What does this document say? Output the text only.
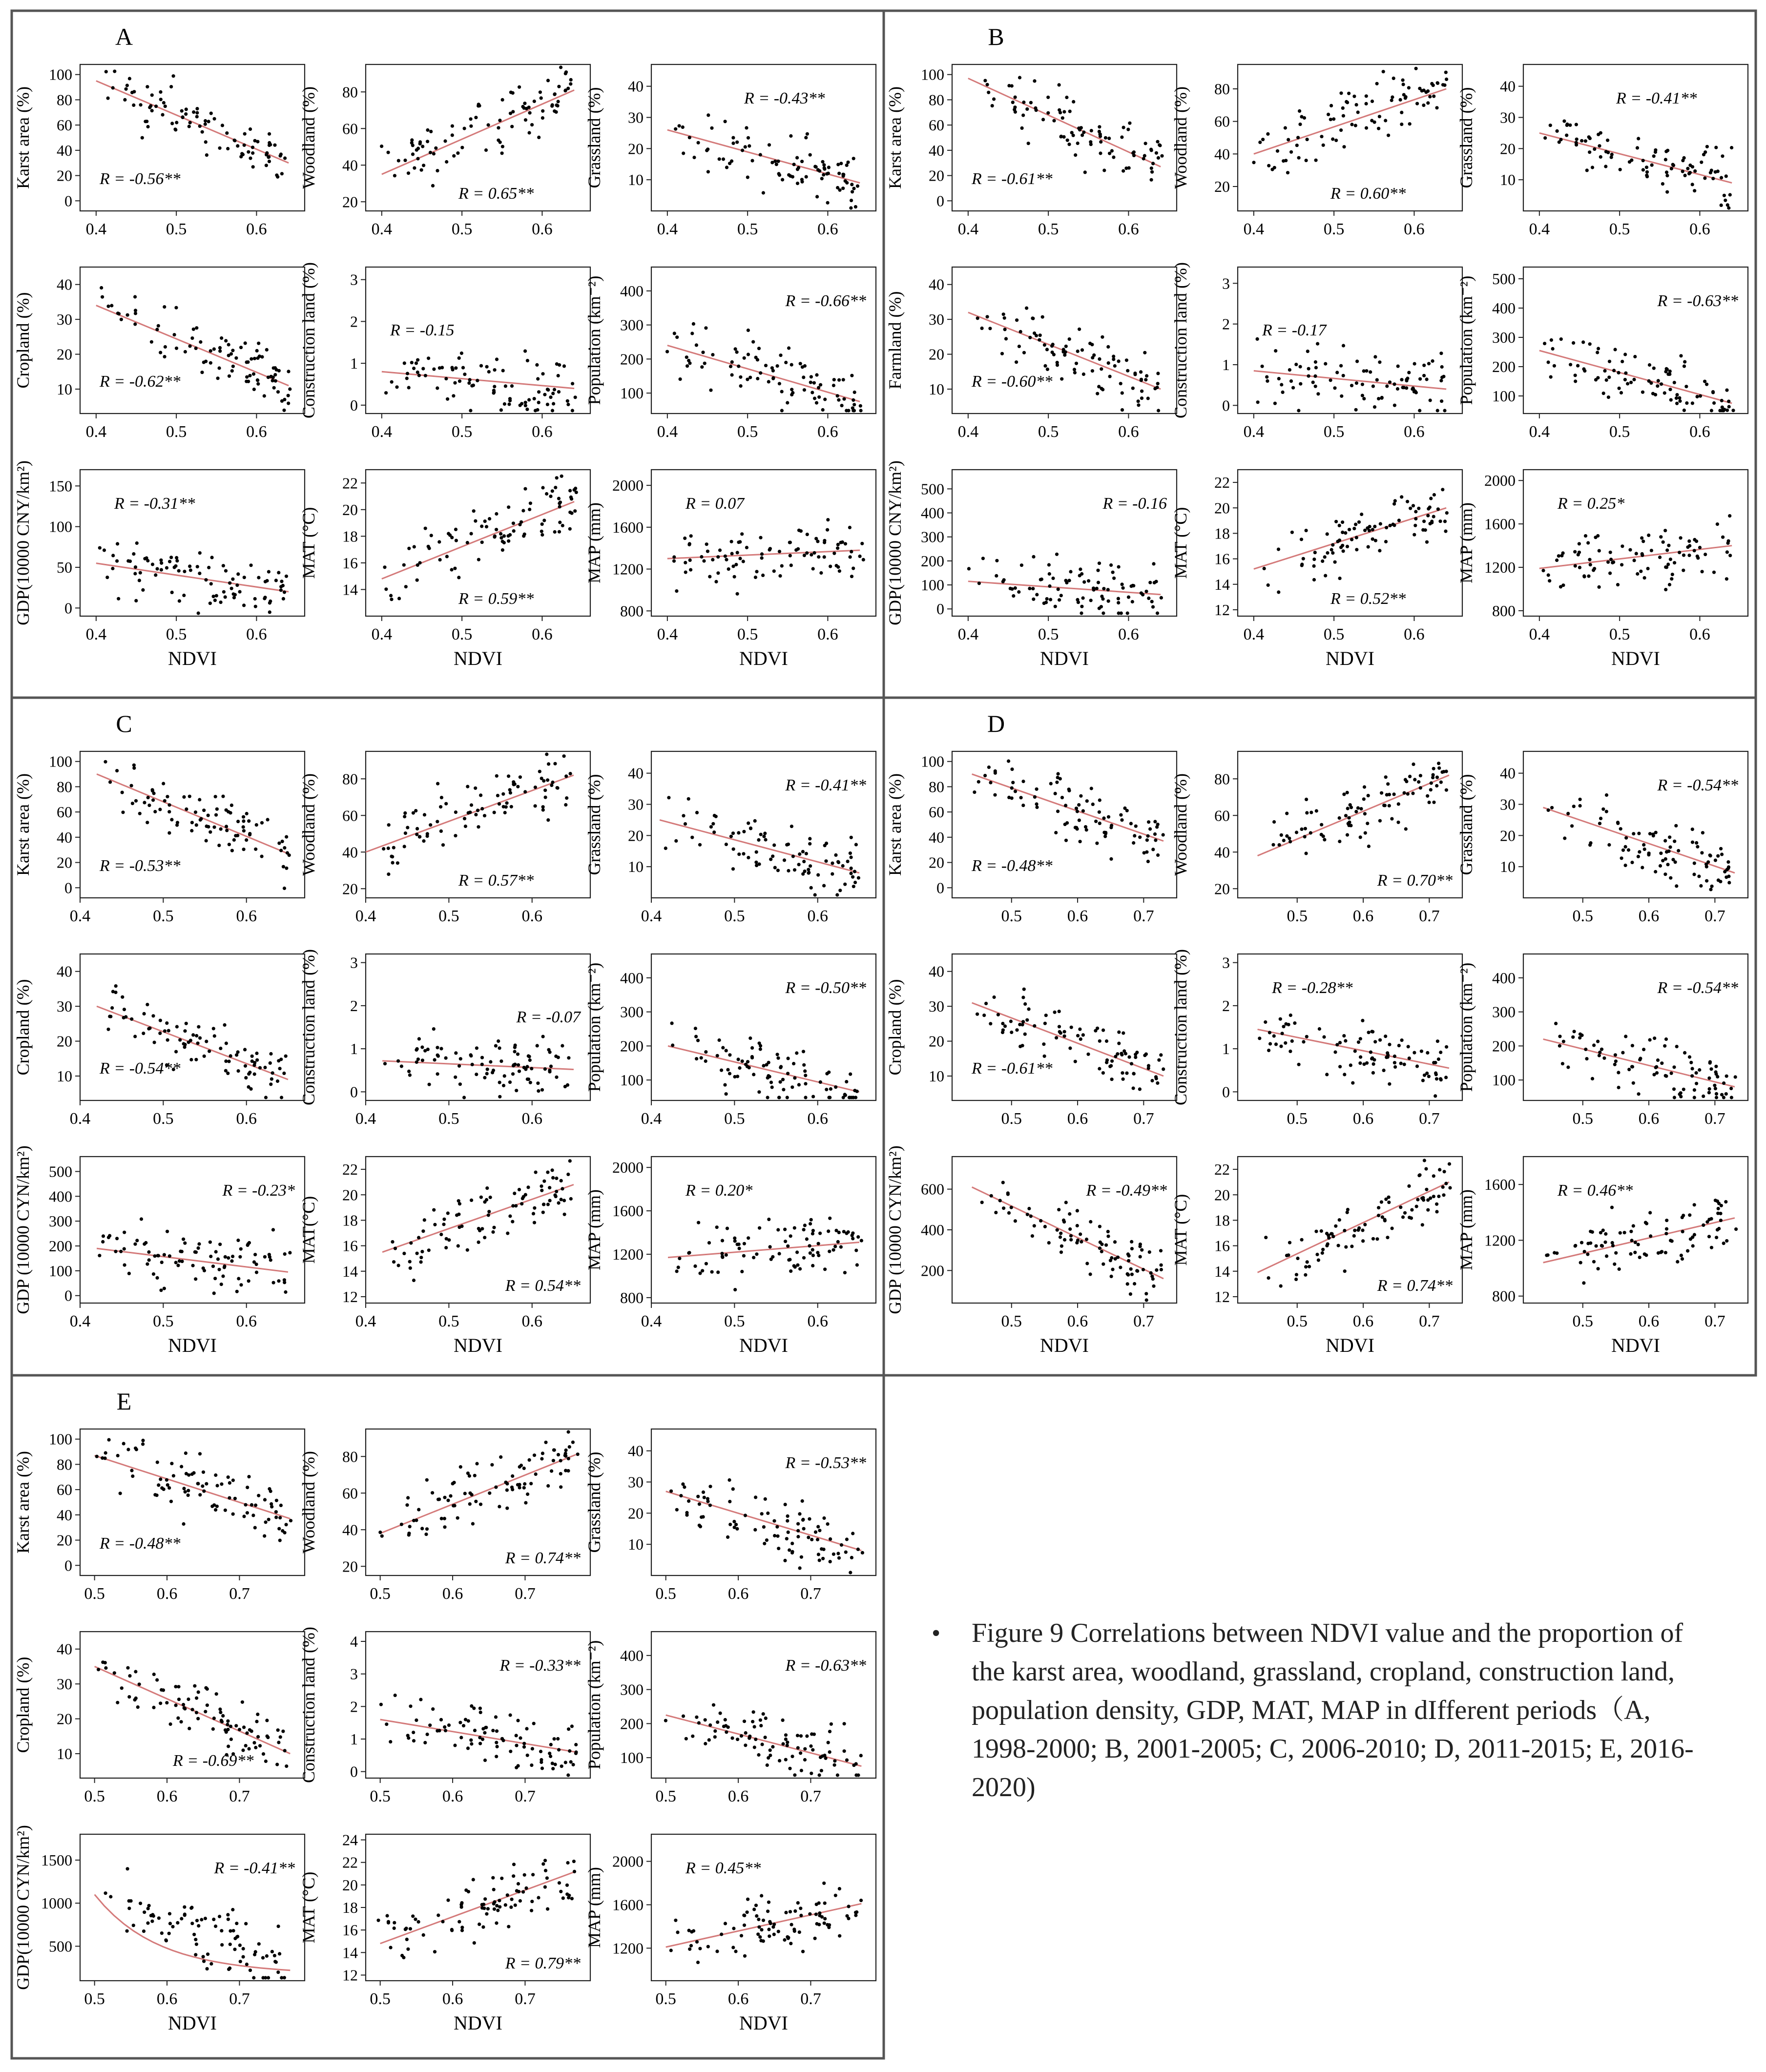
A
0.4	0.5	0.6
0
20
40
60
80
100
Karst area (%)	R = -0.56**
0.4	0.5	0.6
20
40
60
80
Woodland (%)
R = 0.65**
0.4	0.5	0.6
10
20
30
40
Grassland (%)	R = -0.43**
0.4	0.5	0.6
10
20
30
40
Cropland (%)	R = -0.62**
0.4	0.5	0.6
0
1
2
3
Construction land (%)	R = -0.15
0.4	0.5	0.6
100
200
300
400
Population (km⁻²)	R = -0.66**
0.4	0.5	0.6
0
50
100
150
GDP(10000 CNY/km²)
NDVI
R = -0.31**
0.4	0.5	0.6
14
16
18
20
22
MAT (°C)
NDVI
R = 0.59**
0.4	0.5	0.6
800
1200
1600
2000
MAP (mm)
NDVI
R = 0.07
B
0.4	0.5	0.6
0
20
40
60
80
100
Karst area (%)	R = -0.61**
0.4	0.5	0.6
20
40
60
80
Woodland (%)
R = 0.60**
0.4	0.5	0.6
10
20
30
40
Grassland (%)	R = -0.41**
0.4	0.5	0.6
10
20
30
40
Farmland (%)	R = -0.60**
0.4	0.5	0.6
0
1
2
3
Construction land (%)	R = -0.17
0.4	0.5	0.6
100
200
300
400
500
Population (km⁻²)	R = -0.63**
0.4	0.5	0.6
0
100
200
300
400
500
GDP(10000 CNY/km²)
NDVI
R = -0.16
0.4	0.5	0.6
12
14
16
18
20
22
MAT (°C)
NDVI
R = 0.52**
0.4	0.5	0.6
800
1200
1600
2000
MAP (mm)
NDVI
R = 0.25*
C
0.4	0.5	0.6
0
20
40
60
80
100
Karst area (%)	R = -0.53**
0.4	0.5	0.6
20
40
60
80
Woodland (%)
R = 0.57**
0.4	0.5	0.6
10
20
30
40
Grassland (%)	R = -0.41**
0.4	0.5	0.6
10
20
30
40
Cropland (%)	R = -0.54**
0.4	0.5	0.6
0
1
2
3
Construction land (%)	R = -0.07
0.4	0.5	0.6
100
200
300
400
Population (km⁻²)	R = -0.50**
0.4	0.5	0.6
0
100
200
300
400
500
GDP (10000 CYN/km²)
NDVI
R = -0.23*
0.4	0.5	0.6
12
14
16
18
20
22
MAT(°C)
NDVI
R = 0.54**
0.4	0.5	0.6
800
1200
1600
2000
MAP (mm)
NDVI
R = 0.20*
D
0.5	0.6	0.7
0
20
40
60
80
100
Karst area (%)	R = -0.48**
0.5	0.6	0.7
20
40
60
80
Woodland (%)
R = 0.70**
0.5	0.6	0.7
10
20
30
40
Grassland (%)	R = -0.54**
0.5	0.6	0.7
10
20
30
40
Cropland (%)	R = -0.61**
0.5	0.6	0.7
0
1
2
3
Construction land (%)	R = -0.28**
0.5	0.6	0.7
100
200
300
400
Population (km⁻²)	R = -0.54**
0.5	0.6	0.7
200
400
600
GDP (10000 CYN/km²)
NDVI
R = -0.49**
0.5	0.6	0.7
12
14
16
18
20
22
MAT (°C)
NDVI
R = 0.74**
0.5	0.6	0.7
800
1200
1600
MAP (mm)
NDVI
R = 0.46**
E
0.5	0.6	0.7
0
20
40
60
80
100
Karst area (%)	R = -0.48**
0.5	0.6	0.7
20
40
60
80
Woodland (%)
R = 0.74**
0.5	0.6	0.7
10
20
30
40
Grassland (%)	R = -0.53**
0.5	0.6	0.7
10
20
30
40
Cropland (%)
R = -0.69**
0.5	0.6	0.7
0
1
2
3
4
Construction land (%)	R = -0.33**
0.5	0.6	0.7
100
200
300
400
Population (km⁻²)	R = -0.63**
0.5	0.6	0.7
500
1000
1500
GDP(10000 CYN/km²)
NDVI
R = -0.41**
0.5	0.6	0.7
12
14
16
18
20
22
24
MAT (°C)
NDVI
R = 0.79**
0.5	0.6	0.7
1200
1600
2000
MAP (mm)
NDVI
R = 0.45**
• Figure 9 Correlations between NDVI value and the proportion of the karst area, woodland, grassland, cropland, construction land, population density, GDP, MAT, MAP in dIfferent periods（A, 1998-2000; B, 2001-2005; C, 2006-2010; D, 2011-2015; E, 2016-2020)
